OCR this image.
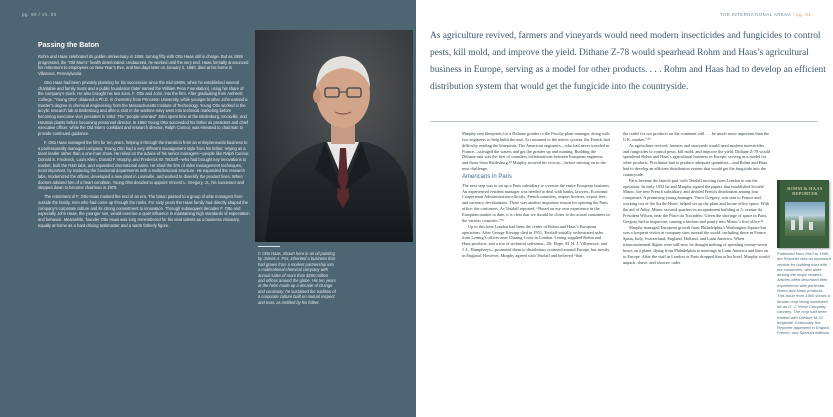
pg. 90 / ch. 04
Passing the Baton

Rohm and Haas celebrated its golden anniversary in 1959, turning fifty with Otto Haas still in charge. But as 1959 progressed, the “Old Man’s” health deteriorated. Undaunted, he worked until the very end. Haas formally announced his retirement to employees on New Year’s Eve, and two days later on January 2, 1960, died at his home in Villanova, Pennsylvania.

Otto Haas had been privately planning for his succession since the mid-1940s, when he established several charitable and family trusts and a public foundation (later named the William Penn Foundation), using his share of the company’s stock. He also brought his two sons, F. Otto and John, into the firm. After graduating from Amherst College, “Young Otto” obtained a Ph.D. in chemistry from Princeton University, while younger brother John earned a master’s degree in chemical engineering from the Massachusetts Institute of Technology. Young Otto worked in the acrylic research lab at Bridesburg and after a stint in the wartime navy went into technical marketing before becoming executive vice president in 1953. The “people-oriented” John spent time at the Bridesburg, Knoxville, and Houston plants before becoming personnel director. In 1960 Young Otto succeeded his father as president and chief executive officer, while the Old Man’s confidant and research director, Ralph Connor, was elevated to chairman to provide continued guidance.

F. Otto Haas managed the firm for ten years, helping it through the transition from an entrepreneurial business to a professionally managed company. Young Otto had a very different management style from his father, relying as a team leader rather than a one-man show. He relied on the advice of his senior managers—people like Ralph Connor, Donald S. Frederick, Louis Klein, Donald F. Murphy, and Frederick W. Tetzlaff—who had brought key innovations to market, built the R&D labs, and expanded international sales. He shed the firm of older management techniques, most important, by replacing the functional departments with a multidivisional structure. He expanded the research labs, modernized the offices, developed a new plant in Louisville, and worked to diversify the product lines. When doctors advised him of a heart condition, Young Otto decided to appoint Vincent L. Gregory, Jr., his successor and stepped down to become chairman in 1970.

The retirement of F. Otto Haas marked the end of an era. The baton passed to a group of able managers from outside the family, men who had come up through the ranks. For sixty years the Haas family had directly shaped the company’s corporate culture and its strong commitment to innovation. Through subsequent decades F. Otto and especially John Haas, the younger son, would exercise a quiet influence in maintaining high standards of expectation and behavior. Meanwhile, founder Otto Haas was long remembered for his vivid talents as a business visionary, equally at home as a hard-driving taskmaster and a warm fatherly figure.

F. Otto Haas, shown here in an oil painting by James A. Fox, inherited a business that had grown from a modest partnership into a multinational chemical company with annual sales of more than $200 million and offices around the globe. His ten years at the helm made up a decade of change and continuity; he sustained the tradition of a corporate culture built on mutual respect and trust, as instilled by his father.
THE INTERNATIONAL ARENA / pg. 91
As agriculture revived, farmers and vineyards would need modern insecticides and fungicides to control pests, kill mold, and improve the yield. Dithane Z-78 would spearhead Rohm and Haas’s agricultural business in Europe, serving as a model for other products. . . . Rohm and Haas had to develop an efficient distribution system that would get the fungicide into the countryside.

Murphy sent blueprints for a Dithane grinder to the Feuchy plant manager, along with two engineers to help build the unit. Accustomed to the metric system, the French had difficulty reading the blueprints. The American engineers—who had never traveled in France—salvaged the waters and got the grinder up and running. Building the Dithane unit was the first of countless collaborations between European engineers and those from Bridesburg.¹⁸ Murphy secured his victory—before moving on to the next challenge.

Americans in Paris

The next step was to set up a Paris subsidiary to oversee the entire European business. An experienced resident manager was needed to deal with banks, lawyers, Economic Cooperation Administration officials, French ministers, import licenses, export fees, and currency devaluations. There was another important reason for opening the Paris office: the customers. As Tetzlaff reported, “Based on my own experience in the European market to date, it is clear that we should be closer to the actual customers in the various countries.”¹⁹

Up to this time London had been the center of Rohm and Haas’s European operations. After George Kirsopp died in 1951, Tetzlaff initially orchestrated sales from Lennig’s offices near Charing Cross in London. Lennig supplied Rohm and Haas products, and a trio of technical salesmen—Dr. Hope, M. H. J. Villeneuve, and J. L. Humphreys—promoted them to distributors scattered around Europe, but mostly in England. However, Murphy agreed with Tetzlaff and believed “that

the outlet for our products on the continent will . . . be much more important than the U.K. market.”²⁰

As agriculture revived, farmers and vineyards would need modern insecticides and fungicides to control pests, kill mold, and improve the yield. Dithane Z-78 would spearhead Rohm and Haas’s agricultural business in Europe, serving as a model for other products. Prochimie had to produce adequate quantities—and Rohm and Haas had to develop an efficient distribution system that would get the fungicide into the countryside.

Paris became the launch pad, with Tetzlaff moving from London to run the operation. In early 1952 he and Murphy signed the papers that established Société Minoc, the new French subsidiary, and divided French distribution among four companies. A promising young manager, Vince Gregory, was sent to France and, working out of the Scribe Hotel, helped set up the plant and locate office space. With the aid of Attby, Minoc secured quarters in an apartment building at 5, avenue du Président Wilson, near the Place du Trocadéro. Given the shortage of space in Paris, Gregory had to improvise, turning a kitchen and pantry into Minoc’s first office.²¹

Murphy managed European growth from Philadelphia’s Washington Square but was a frequent visitor at company sites around the world, including those in France, Spain, Italy, Switzerland, England, Holland, and Latin America. When transcontinental flights were still new, he thought nothing of spending twenty-seven hours on a plane, flying from Philadelphia to meetings in Latin America and then on to Europe. After the staff in London or Paris dropped him at his hotel, Murphy would unpack, shave, and shower; order

ROHM & HAAS
REPORTER
Published from 1943 to 1995, the Reporter was an important vehicle for building trust with the customers, who were among the major readers. Articles often described their experiences with particular Rohm and Haas products. This issue from 1965 shows a tomato crop being harvested for an H. J. Heinz Company cannery. The crop had been treated with Dithane M-22 fungicide. Eventually the Reporter appeared in English, French, and Spanish editions.
